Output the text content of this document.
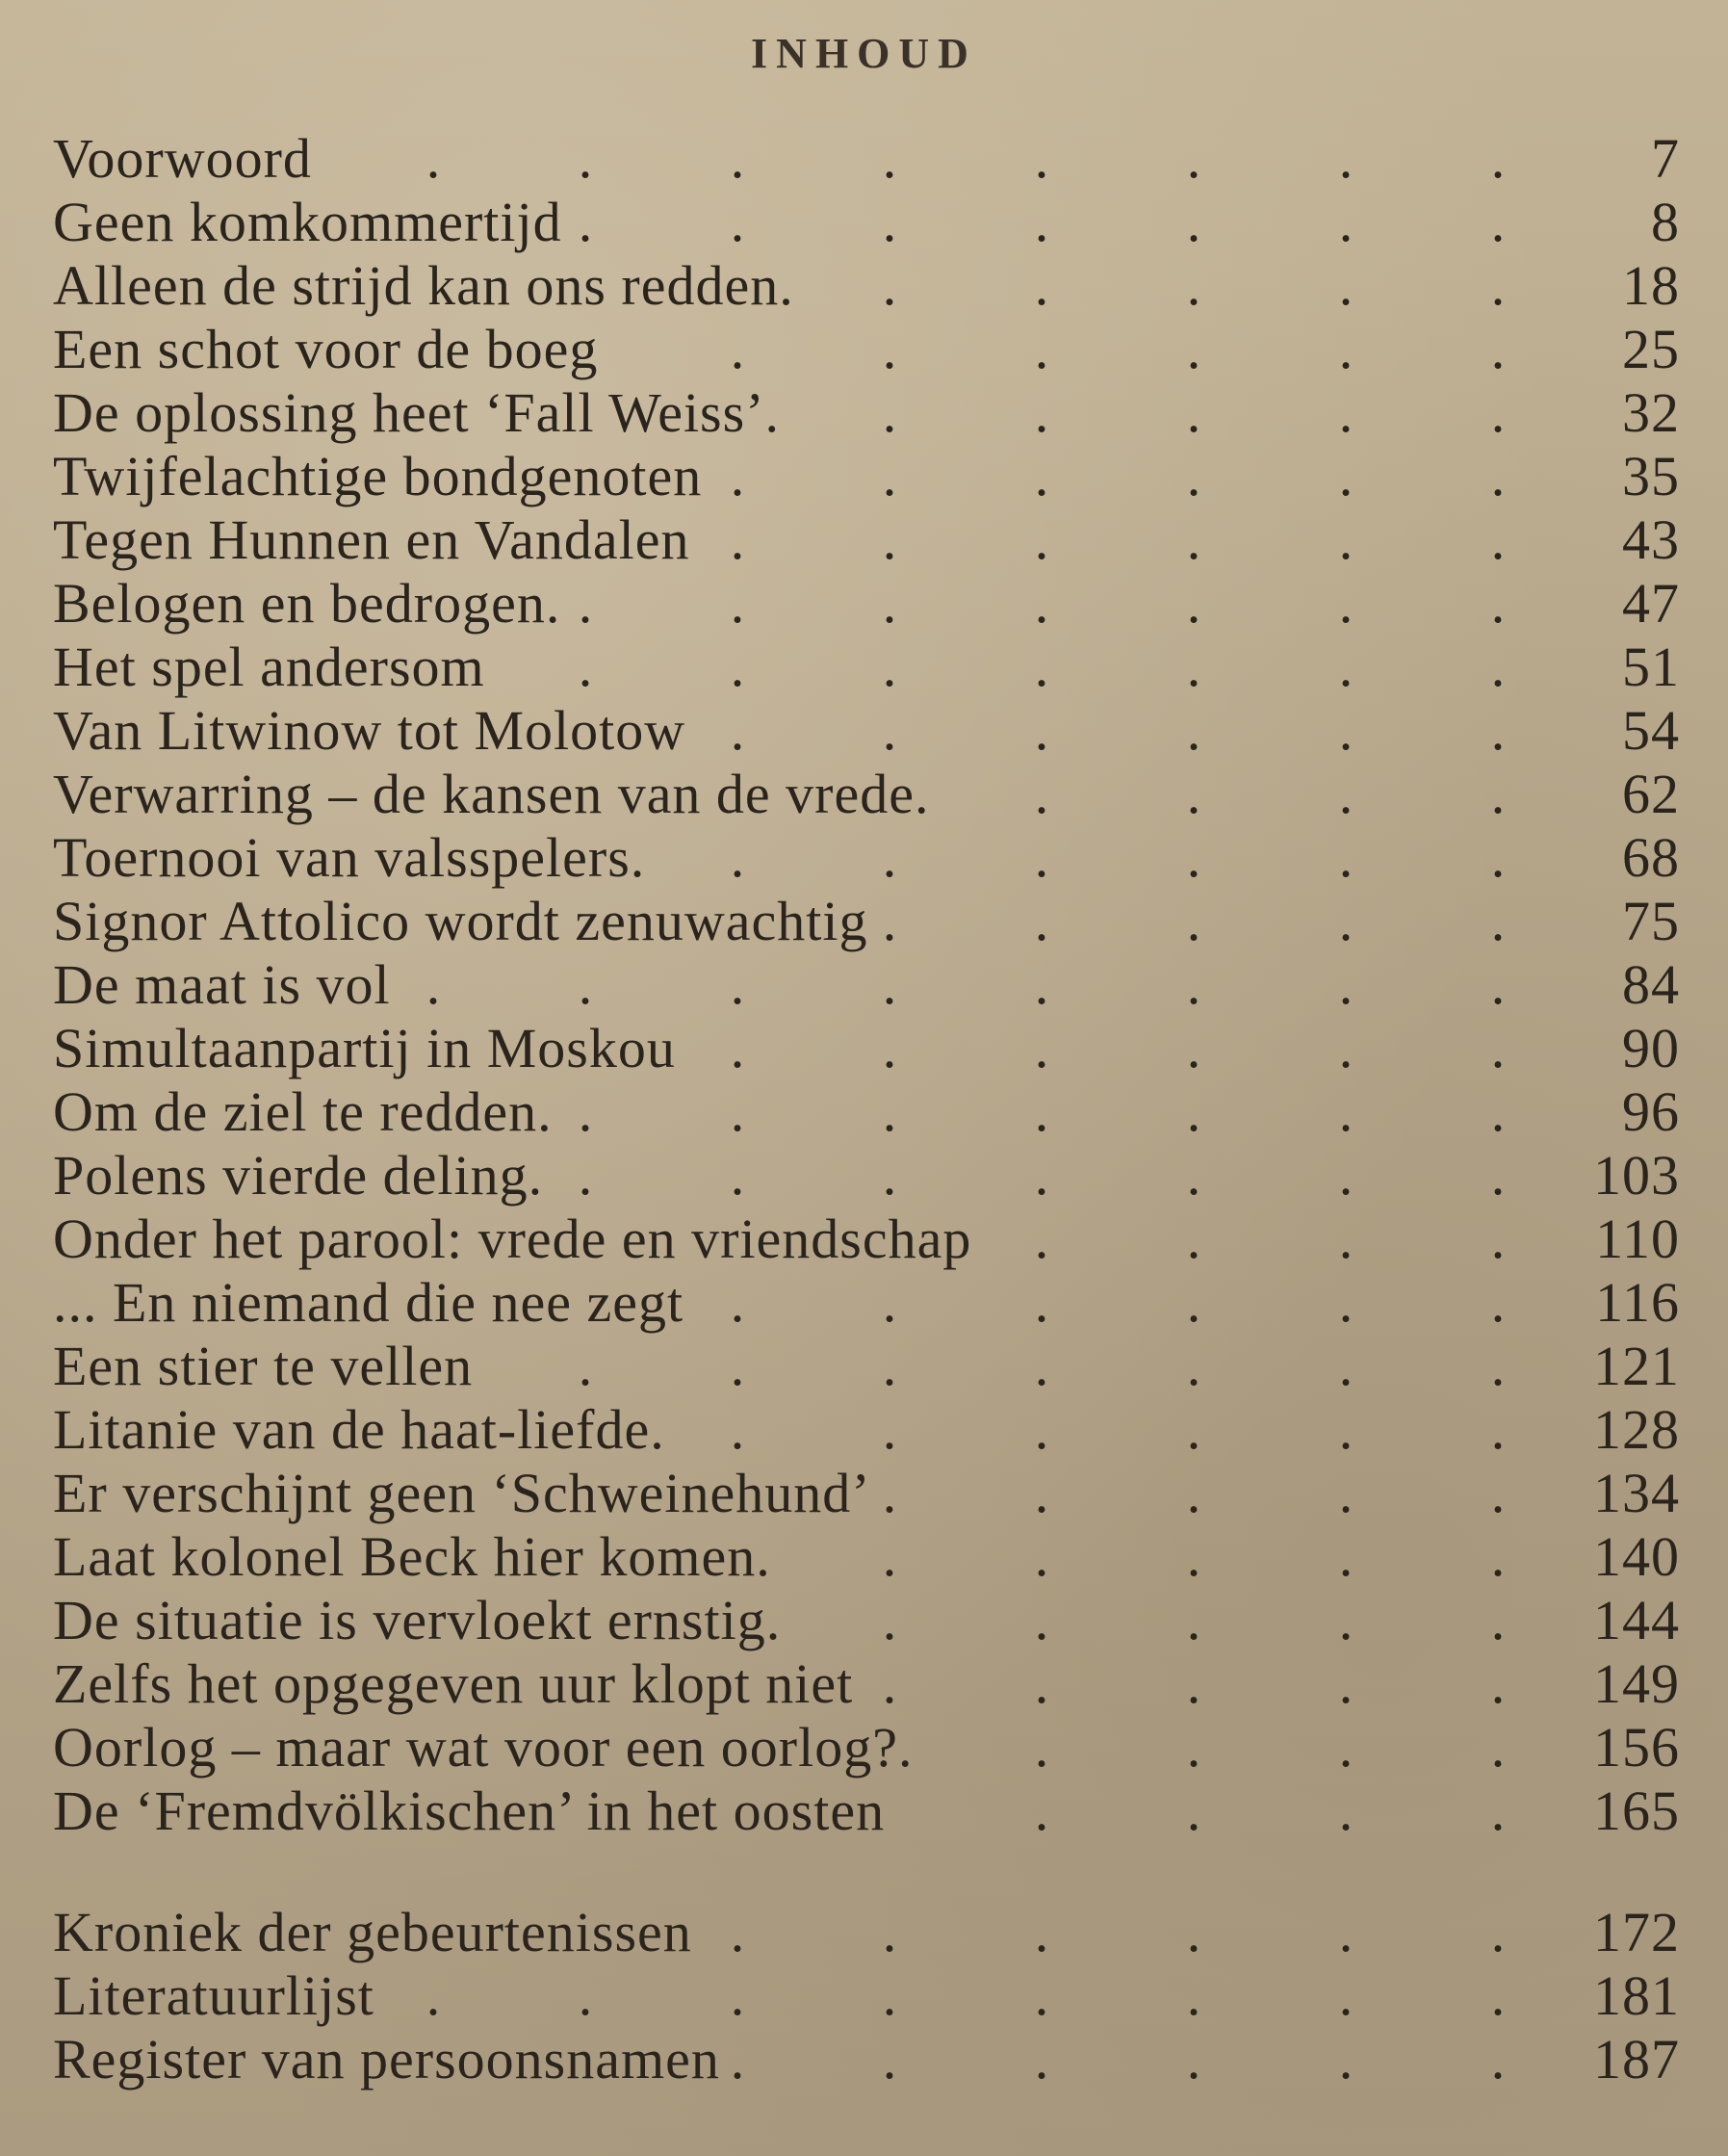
INHOUD
. . . . . . . .
Voorwoord	7
. . . . . . .
Geen komkommertijd	8
. . . . .
Alleen de strijd kan ons redden.	18
. . . . . .
Een schot voor de boeg	25
. . . . .
De oplossing heet ‘Fall Weiss’.	32
. . . . . .
Twijfelachtige bondgenoten	35
. . . . . .
Tegen Hunnen en Vandalen	43
. . . . . . .
Belogen en bedrogen.	47
. . . . . . .
Het spel andersom	51
. . . . . .
Van Litwinow tot Molotow	54
. . . .
Verwarring – de kansen van de vrede.	62
. . . . . .
Toernooi van valsspelers.	68
. . . . .
Signor Attolico wordt zenuwachtig	75
. . . . . . . .
De maat is vol	84
. . . . . .
Simultaanpartij in Moskou	90
. . . . . . .
Om de ziel te redden.	96
. . . . . . .
Polens vierde deling.	103
. . . .
Onder het parool: vrede en vriendschap	110
. . . . . .
... En niemand die nee zegt	116
. . . . . . .
Een stier te vellen	121
. . . . . .
Litanie van de haat-liefde.	128
. . . . .
Er verschijnt geen ‘Schweinehund’	134
. . . . .
Laat kolonel Beck hier komen.	140
. . . . .
De situatie is vervloekt ernstig.	144
. . . . .
Zelfs het opgegeven uur klopt niet	149
. . . .
Oorlog – maar wat voor een oorlog?.	156
. . . .
De ‘Fremdvölkischen’ in het oosten	165
. . . . . .
Kroniek der gebeurtenissen	172
. . . . . . . .
Literatuurlijst	181
. . . . . .
Register van persoonsnamen	187
